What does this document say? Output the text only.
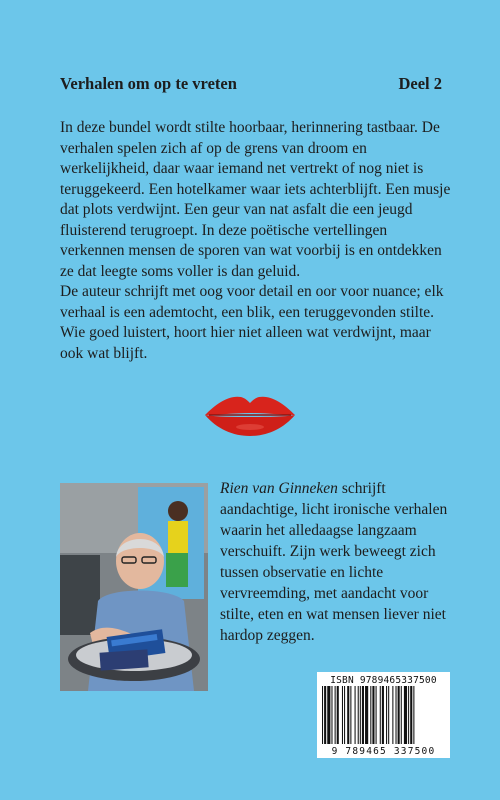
Verhalen om op te vreten	Deel 2

In deze bundel wordt stilte hoorbaar, herinnering tastbaar. De verhalen spelen zich af op de grens van droom en werkelijkheid, daar waar iemand net vertrekt of nog niet is teruggekeerd. Een hotelkamer waar iets achterblijft. Een musje dat plots verdwijnt. Een geur van nat asfalt die een jeugd fluisterend terugroept. In deze poëtische vertellingen verkennen mensen de sporen van wat voorbij is en ontdekken ze dat leegte soms voller is dan geluid.

De auteur schrijft met oog voor detail en oor voor nuance; elk verhaal is een ademtocht, een blik, een teruggevonden stilte. Wie goed luistert, hoort hier niet alleen wat verdwijnt, maar ook wat blijft.

Rien van Ginneken schrijft aandachtige, licht ironische verhalen waarin het alledaagse langzaam verschuift. Zijn werk beweegt zich tussen observatie en lichte vervreemding, met aandacht voor stilte, eten en wat mensen liever niet hardop zeggen.
ISBN 9789465337500
9 789465 337500
